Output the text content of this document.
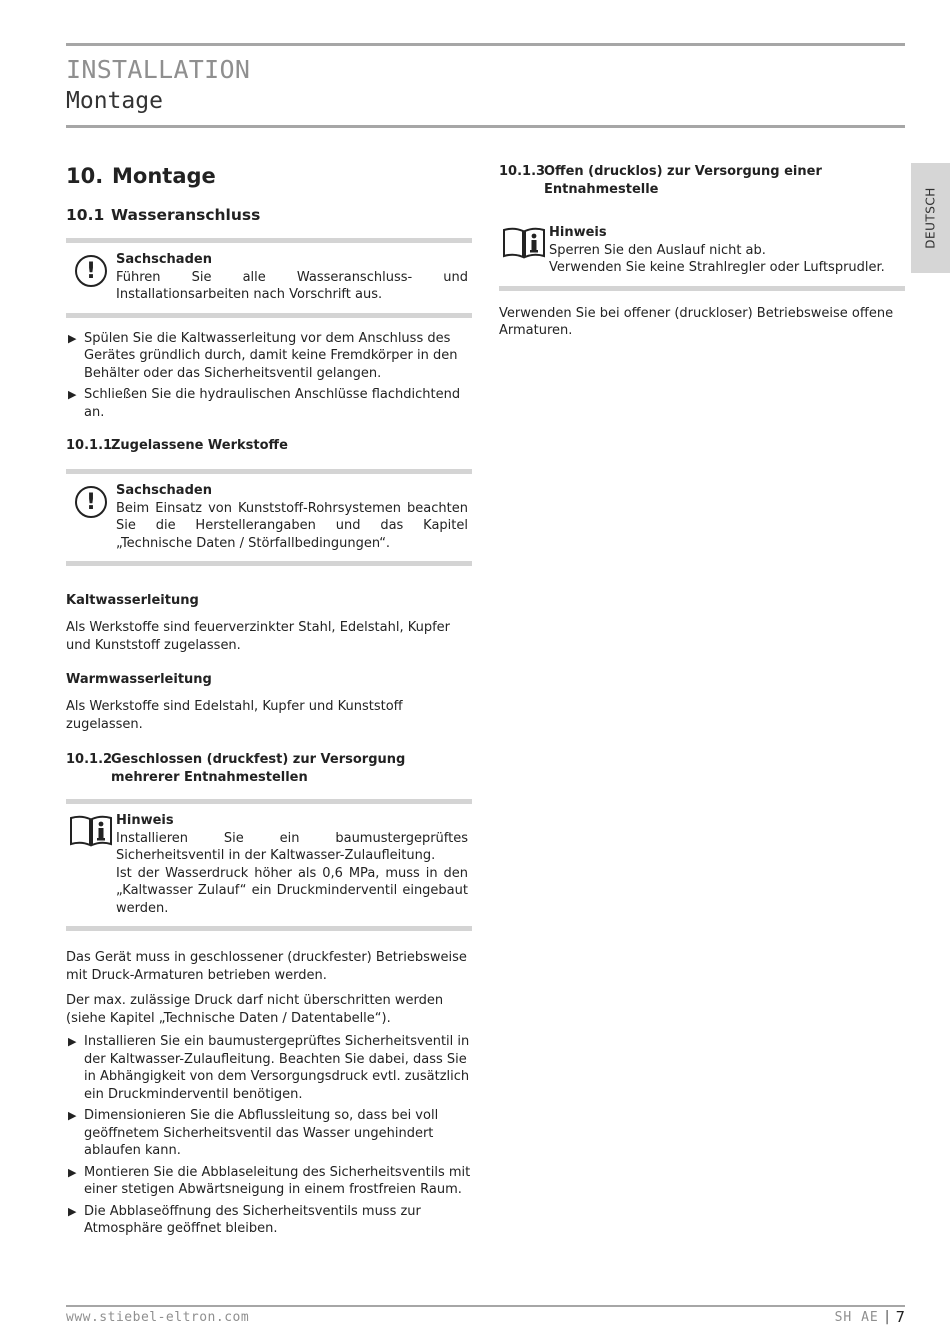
INSTALLATION
Montage
DEUTSCH
10. Montage
10.1 Wasseranschluss
!	Sachschaden
Führen Sie alle Wasseranschluss- und Installationsarbeiten nach Vorschrift aus.
▶ Spülen Sie die Kaltwasserleitung vor dem Anschluss des Gerätes gründlich durch, damit keine Fremdkörper in den Behälter oder das Sicherheitsventil gelangen.
▶ Schließen Sie die hydraulischen Anschlüsse flachdichtend an.
10.1.1Zugelassene Werkstoffe
!	Sachschaden
Beim Einsatz von Kunststoff-Rohrsystemen beachten Sie die Herstellerangaben und das Kapitel „Technische Daten / Störfallbedingungen“.
Kaltwasserleitung

Als Werkstoffe sind feuerverzinkter Stahl, Edelstahl, Kupfer und Kunststoff zugelassen.

Warmwasserleitung

Als Werkstoffe sind Edelstahl, Kupfer und Kunststoff zugelassen.

10.1.2Geschlossen (druckfest) zur Versorgung mehrerer Entnahmestellen
Hinweis
Installieren Sie ein baumustergeprüftes Sicherheitsventil in der Kaltwasser-Zulaufleitung.
Ist der Wasserdruck höher als 0,6 MPa, muss in den „Kaltwasser Zulauf“ ein Druckminderventil eingebaut werden.

Das Gerät muss in geschlossener (druckfester) Betriebsweise mit Druck-Armaturen betrieben werden.

Der max. zulässige Druck darf nicht überschritten werden (siehe Kapitel „Technische Daten / Datentabelle“).

▶ Installieren Sie ein baumustergeprüftes Sicherheitsventil in der Kaltwasser-Zulaufleitung. Beachten Sie dabei, dass Sie in Abhängigkeit von dem Versorgungsdruck evtl. zusätzlich ein Druckminderventil benötigen.
▶ Dimensionieren Sie die Abflussleitung so, dass bei voll geöffnetem Sicherheitsventil das Wasser ungehindert ablaufen kann.
▶ Montieren Sie die Abblaseleitung des Sicherheitsventils mit einer stetigen Abwärtsneigung in einem frostfreien Raum.
▶ Die Abblaseöffnung des Sicherheitsventils muss zur Atmosphäre geöffnet bleiben.
10.1.3Offen (drucklos) zur Versorgung einer Entnahmestelle
Hinweis
Sperren Sie den Auslauf nicht ab.
Verwenden Sie keine Strahlregler oder Luftsprudler.

Verwenden Sie bei offener (druckloser) Betriebsweise offene Armaturen.

www.stiebel-eltron.com	SH AE | 7
